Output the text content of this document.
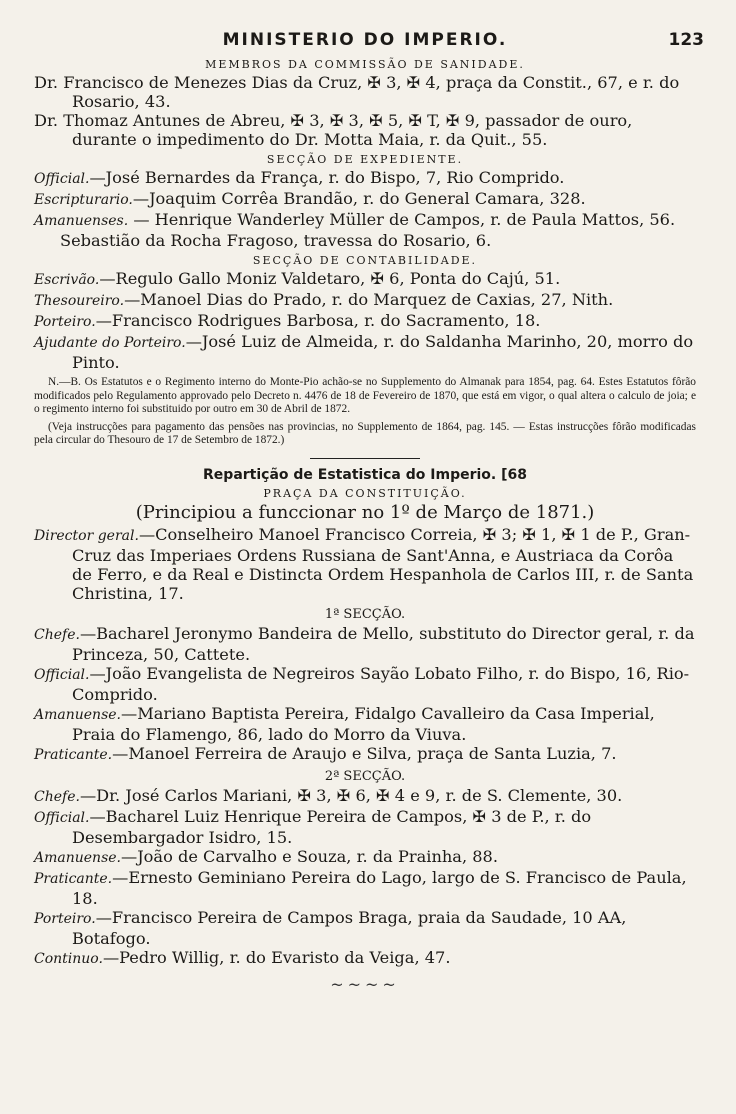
MINISTERIO DO IMPERIO.	123
MEMBROS DA COMMISSÃO DE SANIDADE.

Dr. Francisco de Menezes Dias da Cruz, ✠ 3, ✠ 4, praça da Constit., 67, e r. do Rosario, 43.

Dr. Thomaz Antunes de Abreu, ✠ 3, ✠ 3, ✠ 5, ✠ T, ✠ 9, passador de ouro, durante o impedimento do Dr. Motta Maia, r. da Quit., 55.

SECÇÃO DE EXPEDIENTE.

Official.—José Bernardes da França, r. do Bispo, 7, Rio Comprido.

Escripturario.—Joaquim Corrêa Brandão, r. do General Camara, 328.

Amanuenses. — Henrique Wanderley Müller de Campos, r. de Paula Mattos, 56.

Sebastião da Rocha Fragoso, travessa do Rosario, 6.

SECÇÃO DE CONTABILIDADE.

Escrivão.—Regulo Gallo Moniz Valdetaro, ✠ 6, Ponta do Cajú, 51.

Thesoureiro.—Manoel Dias do Prado, r. do Marquez de Caxias, 27, Nith.

Porteiro.—Francisco Rodrigues Barbosa, r. do Sacramento, 18.

Ajudante do Porteiro.—José Luiz de Almeida, r. do Saldanha Marinho, 20, morro do Pinto.

N.—B. Os Estatutos e o Regimento interno do Monte-Pio achão-se no Supplemento do Almanak para 1854, pag. 64. Estes Estatutos fôrão modificados pelo Regulamento approvado pelo Decreto n. 4476 de 18 de Fevereiro de 1870, que está em vigor, o qual altera o calculo de joia; e o regimento interno foi substituido por outro em 30 de Abril de 1872.

(Veja instrucções para pagamento das pensões nas provincias, no Supplemento de 1864, pag. 145. — Estas instrucções fôrão modificadas pela circular do Thesouro de 17 de Setembro de 1872.)

Repartição de Estatistica do Imperio. [68
PRAÇA DA CONSTITUIÇÃO.
(Principiou a funccionar no 1º de Março de 1871.)

Director geral.—Conselheiro Manoel Francisco Correia, ✠ 3; ✠ 1, ✠ 1 de P., Gran-Cruz das Imperiaes Ordens Russiana de Sant'Anna, e Austriaca da Corôa de Ferro, e da Real e Distincta Ordem Hespanhola de Carlos III, r. de Santa Christina, 17.

1ª SECÇÃO.

Chefe.—Bacharel Jeronymo Bandeira de Mello, substituto do Director geral, r. da Princeza, 50, Cattete.

Official.—João Evangelista de Negreiros Sayão Lobato Filho, r. do Bispo, 16, Rio-Comprido.

Amanuense.—Mariano Baptista Pereira, Fidalgo Cavalleiro da Casa Imperial, Praia do Flamengo, 86, lado do Morro da Viuva.

Praticante.—Manoel Ferreira de Araujo e Silva, praça de Santa Luzia, 7.

2ª SECÇÃO.

Chefe.—Dr. José Carlos Mariani, ✠ 3, ✠ 6, ✠ 4 e 9, r. de S. Clemente, 30.

Official.—Bacharel Luiz Henrique Pereira de Campos, ✠ 3 de P., r. do Desembargador Isidro, 15.

Amanuense.—João de Carvalho e Souza, r. da Prainha, 88.

Praticante.—Ernesto Geminiano Pereira do Lago, largo de S. Francisco de Paula, 18.

Porteiro.—Francisco Pereira de Campos Braga, praia da Saudade, 10 AA, Botafogo.

Continuo.—Pedro Willig, r. do Evaristo da Veiga, 47.

~~~~
